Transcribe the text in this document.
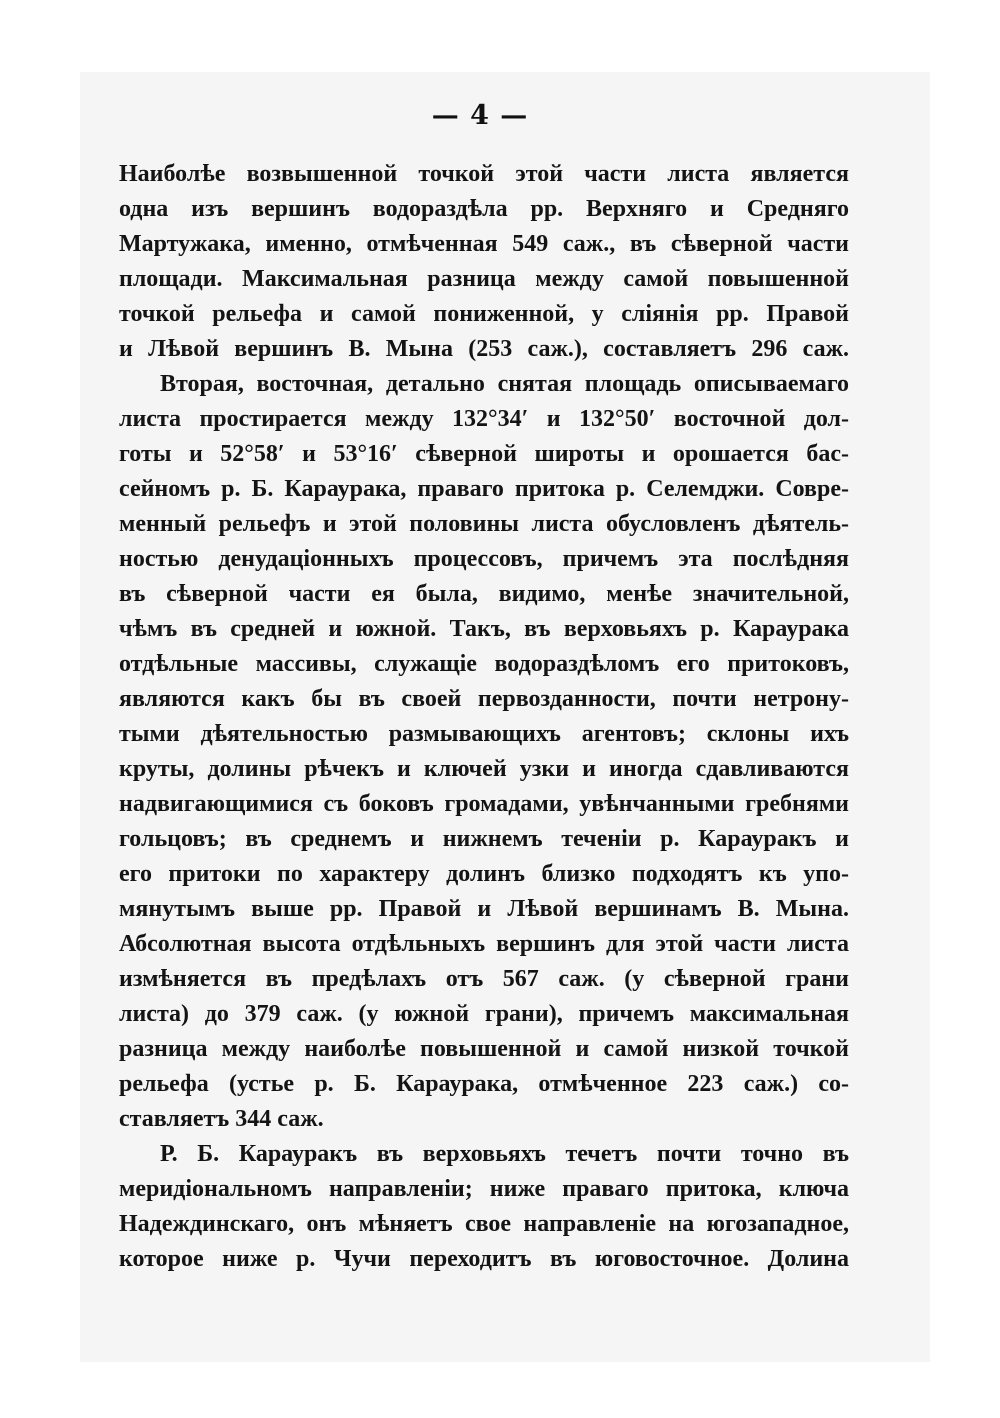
— 4 —
Наиболѣе возвышенной точкой этой части листа является
одна изъ вершинъ водораздѣла рр. Верхняго и Средняго
Мартужака, именно, отмѣченная 549 саж., въ сѣверной части
площади. Максимальная разница между самой повышенной
точкой рельефа и самой пониженной, у слiянiя рр. Правой
и Лѣвой вершинъ В. Мына (253 саж.), составляетъ 296 саж.
Вторая, восточная, детально снятая площадь описываемаго
листа простирается между 132°34′ и 132°50′ восточной дол-
готы и 52°58′ и 53°16′ сѣверной широты и орошается бас-
сейномъ р. Б. Караурака, праваго притока р. Селемджи. Совре-
менный рельефъ и этой половины листа обусловленъ дѣятель-
ностью денудацiонныхъ процессовъ, причемъ эта послѣдняя
въ сѣверной части ея была, видимо, менѣе значительной,
чѣмъ въ средней и южной. Такъ, въ верховьяхъ р. Караурака
отдѣльные массивы, служащiе водораздѣломъ его притоковъ,
являются какъ бы въ своей первозданности, почти нетрону-
тыми дѣятельностью размывающихъ агентовъ; склоны ихъ
круты, долины рѣчекъ и ключей узки и иногда сдавливаются
надвигающимися съ боковъ громадами, увѣнчанными гребнями
гольцовъ; въ среднемъ и нижнемъ теченiи р. Карауракъ и
его притоки по характеру долинъ близко подходятъ къ упо-
мянутымъ выше рр. Правой и Лѣвой вершинамъ В. Мына.
Абсолютная высота отдѣльныхъ вершинъ для этой части листа
измѣняется въ предѣлахъ отъ 567 саж. (у сѣверной грани
листа) до 379 саж. (у южной грани), причемъ максимальная
разница между наиболѣе повышенной и самой низкой точкой
рельефа (устье р. Б. Караурака, отмѣченное 223 саж.) со-
ставляетъ 344 саж.
Р. Б. Карауракъ въ верховьяхъ течетъ почти точно въ
меридiональномъ направленiи; ниже праваго притока, ключа
Надеждинскаго, онъ мѣняетъ свое направленiе на югозападное,
которое ниже р. Чучи переходитъ въ юговосточное. Долина
